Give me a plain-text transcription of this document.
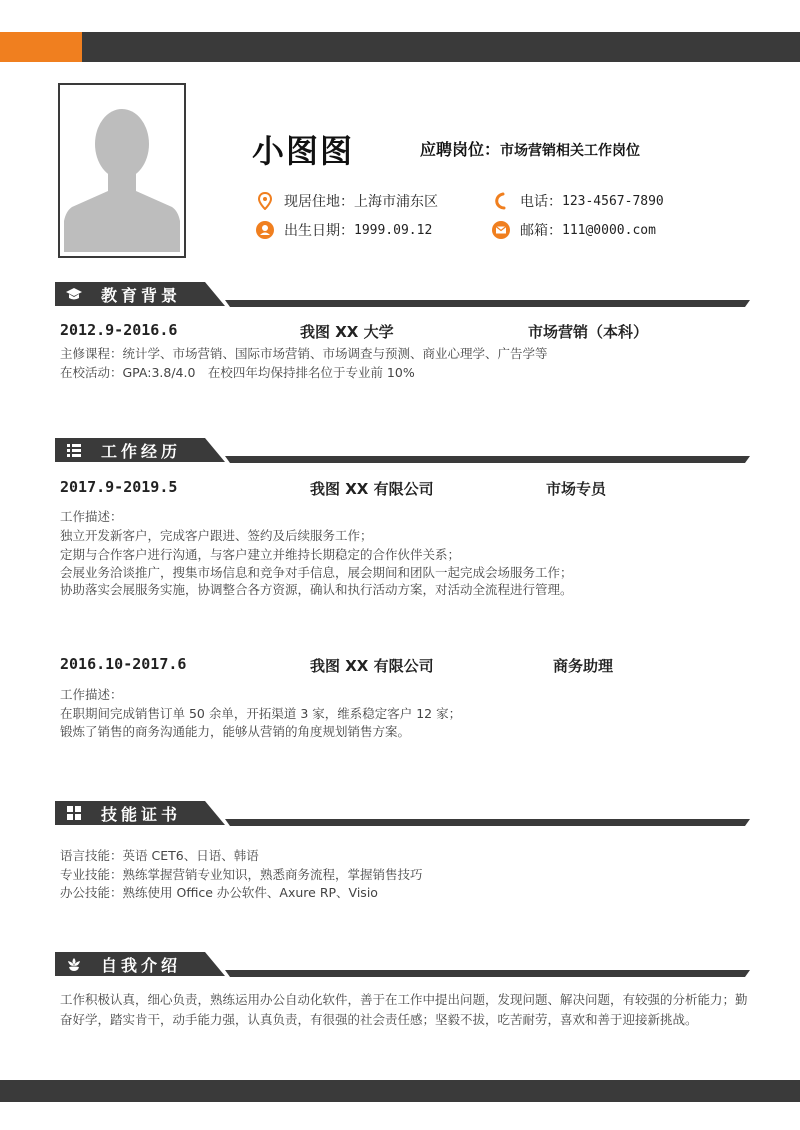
小图图	应聘岗位：市场营销相关工作岗位
现居住地： 上海市浦东区	电话： 123-4567-7890
出生日期： 1999.09.12	邮箱： 111@0000.com
教育背景
2012.9-2016.6	我图 XX 大学	市场营销（本科）
主修课程：统计学、市场营销、国际市场营销、市场调查与预测、商业心理学、广告学等
在校活动：GPA:3.8/4.0　在校四年均保持排名位于专业前 10%
工作经历
2017.9-2019.5	我图 XX 有限公司	市场专员
工作描述：
独立开发新客户，完成客户跟进、签约及后续服务工作；
定期与合作客户进行沟通，与客户建立并维持长期稳定的合作伙伴关系；
会展业务洽谈推广，搜集市场信息和竞争对手信息，展会期间和团队一起完成会场服务工作；
协助落实会展服务实施，协调整合各方资源，确认和执行活动方案，对活动全流程进行管理。
2016.10-2017.6	我图 XX 有限公司	商务助理
工作描述：
在职期间完成销售订单 50 余单，开拓渠道 3 家，维系稳定客户 12 家；
锻炼了销售的商务沟通能力，能够从营销的角度规划销售方案。
技能证书
语言技能：英语 CET6、日语、韩语
专业技能：熟练掌握营销专业知识，熟悉商务流程，掌握销售技巧
办公技能：熟练使用 Office 办公软件、Axure RP、Visio
自我介绍
工作积极认真，细心负责，熟练运用办公自动化软件，善于在工作中提出问题，发现问题、解决问题，有较强的分析能力；勤奋好学，踏实肯干，动手能力强，认真负责，有很强的社会责任感；坚毅不拔，吃苦耐劳，喜欢和善于迎接新挑战。
